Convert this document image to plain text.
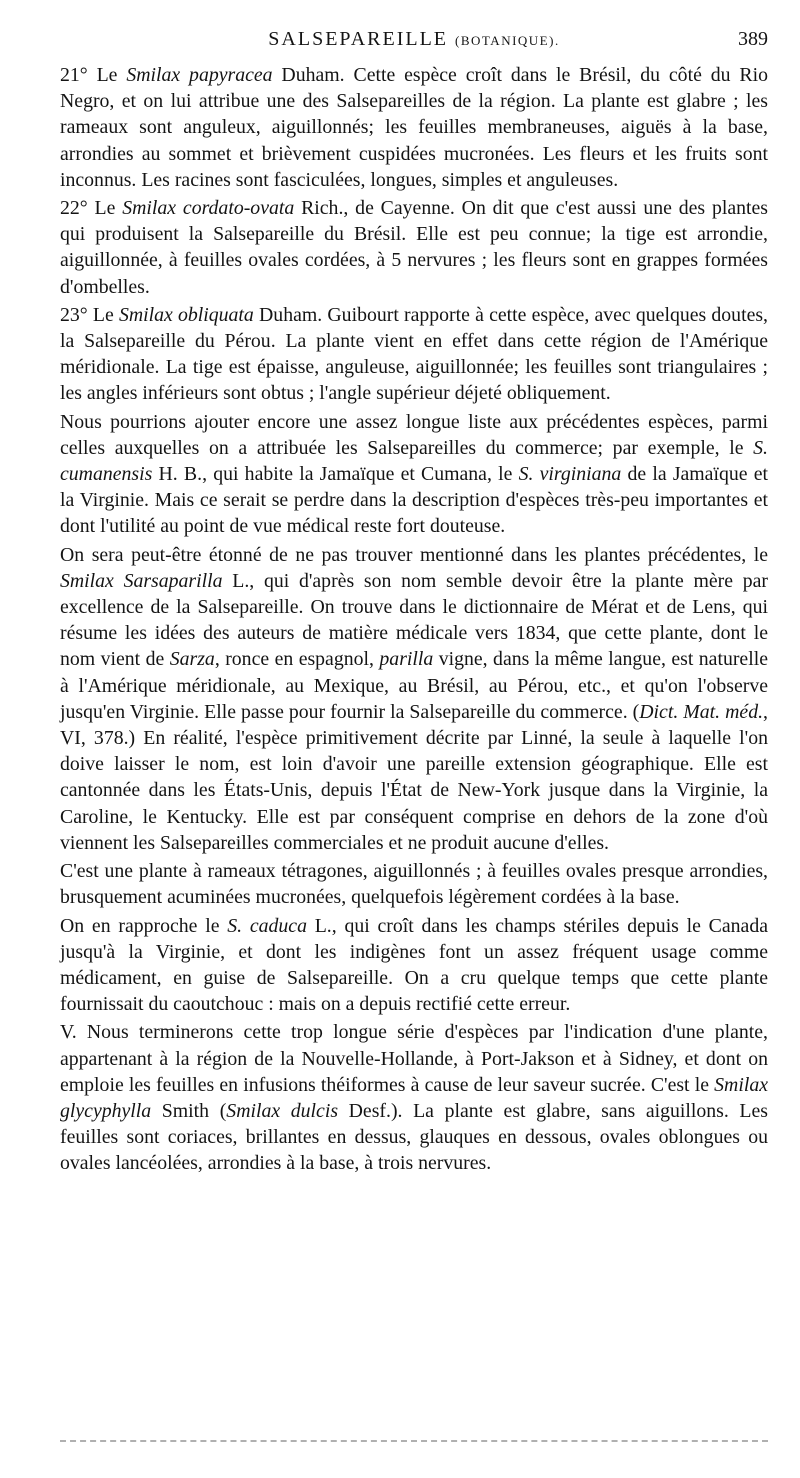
SALSEPAREILLE (BOTANIQUE).	389

21° Le Smilax papyracea Duham. Cette espèce croît dans le Brésil, du côté du Rio Negro, et on lui attribue une des Salsepareilles de la région. La plante est glabre ; les rameaux sont anguleux, aiguillonnés; les feuilles membraneuses, aiguës à la base, arrondies au sommet et brièvement cuspidées mucronées. Les fleurs et les fruits sont inconnus. Les racines sont fasciculées, longues, simples et anguleuses.

22° Le Smilax cordato-ovata Rich., de Cayenne. On dit que c'est aussi une des plantes qui produisent la Salsepareille du Brésil. Elle est peu connue; la tige est arrondie, aiguillonnée, à feuilles ovales cordées, à 5 nervures ; les fleurs sont en grappes formées d'ombelles.

23° Le Smilax obliquata Duham. Guibourt rapporte à cette espèce, avec quelques doutes, la Salsepareille du Pérou. La plante vient en effet dans cette région de l'Amérique méridionale. La tige est épaisse, anguleuse, aiguillonnée; les feuilles sont triangulaires ; les angles inférieurs sont obtus ; l'angle supérieur déjeté obliquement.

Nous pourrions ajouter encore une assez longue liste aux précédentes espèces, parmi celles auxquelles on a attribuée les Salsepareilles du commerce; par exemple, le S. cumanensis H. B., qui habite la Jamaïque et Cumana, le S. virginiana de la Jamaïque et la Virginie. Mais ce serait se perdre dans la description d'espèces très-peu importantes et dont l'utilité au point de vue médical reste fort douteuse.

On sera peut-être étonné de ne pas trouver mentionné dans les plantes précédentes, le Smilax Sarsaparilla L., qui d'après son nom semble devoir être la plante mère par excellence de la Salsepareille. On trouve dans le dictionnaire de Mérat et de Lens, qui résume les idées des auteurs de matière médicale vers 1834, que cette plante, dont le nom vient de Sarza, ronce en espagnol, parilla vigne, dans la même langue, est naturelle à l'Amérique méridionale, au Mexique, au Brésil, au Pérou, etc., et qu'on l'observe jusqu'en Virginie. Elle passe pour fournir la Salsepareille du commerce. (Dict. Mat. méd., VI, 378.) En réalité, l'espèce primitivement décrite par Linné, la seule à laquelle l'on doive laisser le nom, est loin d'avoir une pareille extension géographique. Elle est cantonnée dans les États-Unis, depuis l'État de New-York jusque dans la Virginie, la Caroline, le Kentucky. Elle est par conséquent comprise en dehors de la zone d'où viennent les Salsepareilles commerciales et ne produit aucune d'elles.

C'est une plante à rameaux tétragones, aiguillonnés ; à feuilles ovales presque arrondies, brusquement acuminées mucronées, quelquefois légèrement cordées à la base.

On en rapproche le S. caduca L., qui croît dans les champs stériles depuis le Canada jusqu'à la Virginie, et dont les indigènes font un assez fréquent usage comme médicament, en guise de Salsepareille. On a cru quelque temps que cette plante fournissait du caoutchouc : mais on a depuis rectifié cette erreur.

V. Nous terminerons cette trop longue série d'espèces par l'indication d'une plante, appartenant à la région de la Nouvelle-Hollande, à Port-Jakson et à Sidney, et dont on emploie les feuilles en infusions théiformes à cause de leur saveur sucrée. C'est le Smilax glycyphylla Smith (Smilax dulcis Desf.). La plante est glabre, sans aiguillons. Les feuilles sont coriaces, brillantes en dessus, glauques en dessous, ovales oblongues ou ovales lancéolées, arrondies à la base, à trois nervures.
